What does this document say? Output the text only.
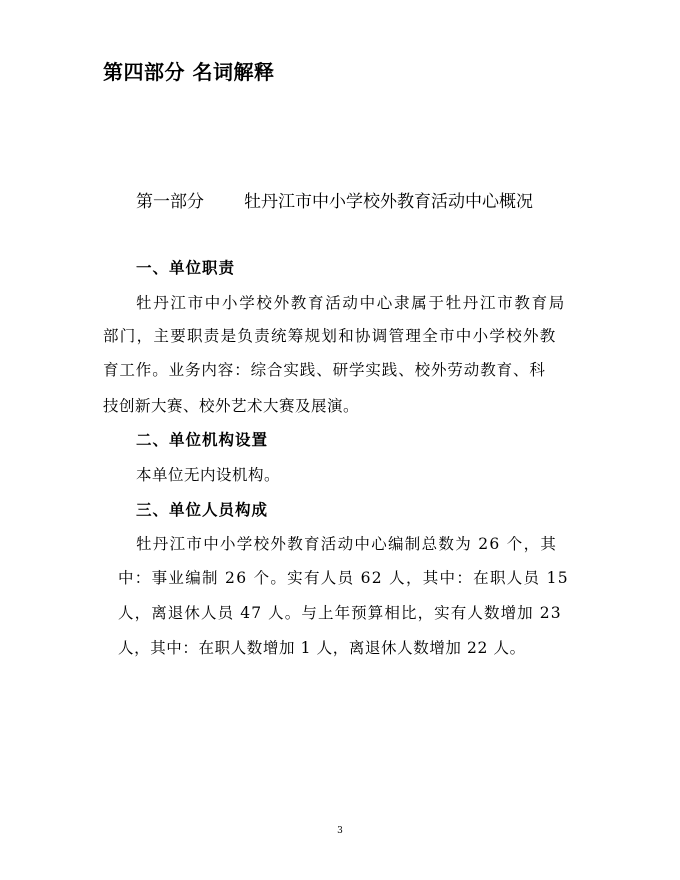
第四部分 名词解释
第一部分 牡丹江市中小学校外教育活动中心概况
一、单位职责

牡丹江市中小学校外教育活动中心隶属于牡丹江市教育局

部门，主要职责是负责统筹规划和协调管理全市中小学校外教

育工作。业务内容：综合实践、研学实践、校外劳动教育、科

技创新大赛、校外艺术大赛及展演。

二、单位机构设置

本单位无内设机构。

三、单位人员构成

牡丹江市中小学校外教育活动中心编制总数为 26 个，其

中：事业编制 26 个。实有人员 62 人，其中：在职人员 15

人，离退休人员 47 人。与上年预算相比，实有人数增加 23

人，其中：在职人数增加 1 人，离退休人数增加 22 人。

3
